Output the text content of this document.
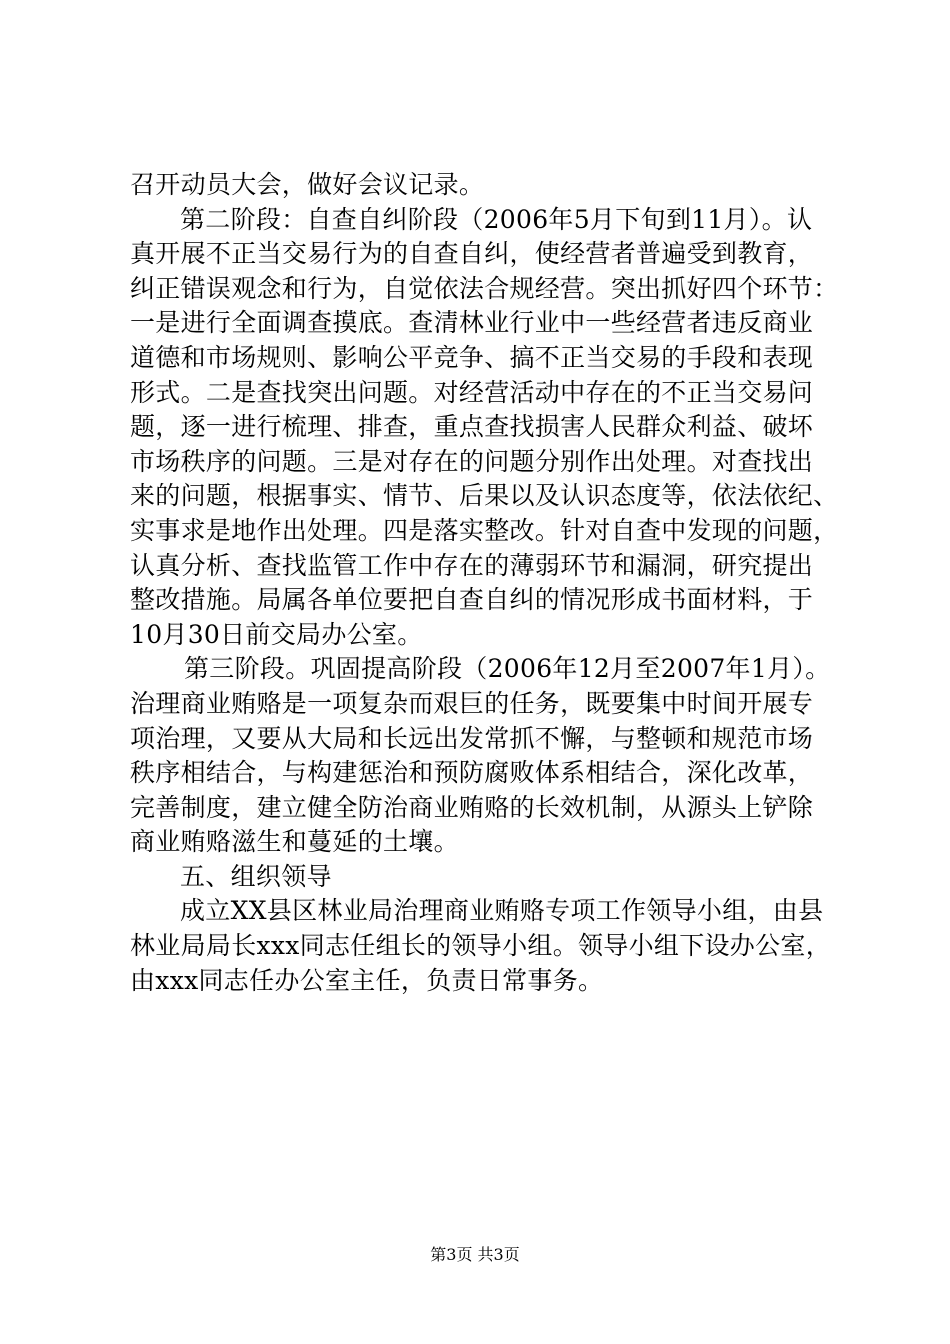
召开动员大会，做好会议记录。
第二阶段：自查自纠阶段（2006年5月下旬到11月）。认
真开展不正当交易行为的自查自纠，使经营者普遍受到教育，
纠正错误观念和行为，自觉依法合规经营。突出抓好四个环节：
一是进行全面调查摸底。查清林业行业中一些经营者违反商业
道德和市场规则、影响公平竞争、搞不正当交易的手段和表现
形式。二是查找突出问题。对经营活动中存在的不正当交易问
题，逐一进行梳理、排查，重点查找损害人民群众利益、破坏
市场秩序的问题。三是对存在的问题分别作出处理。对查找出
来的问题，根据事实、情节、后果以及认识态度等，依法依纪、
实事求是地作出处理。四是落实整改。针对自查中发现的问题，
认真分析、查找监管工作中存在的薄弱环节和漏洞，研究提出
整改措施。局属各单位要把自查自纠的情况形成书面材料，于
10月30日前交局办公室。
第三阶段。巩固提高阶段（2006年12月至2007年1月）。
治理商业贿赂是一项复杂而艰巨的任务，既要集中时间开展专
项治理，又要从大局和长远出发常抓不懈，与整顿和规范市场
秩序相结合，与构建惩治和预防腐败体系相结合，深化改革，
完善制度，建立健全防治商业贿赂的长效机制，从源头上铲除
商业贿赂滋生和蔓延的土壤。
五、组织领导
成立XX县区林业局治理商业贿赂专项工作领导小组，由县
林业局局长xxx同志任组长的领导小组。领导小组下设办公室，
由xxx同志任办公室主任，负责日常事务。
第3页 共3页
